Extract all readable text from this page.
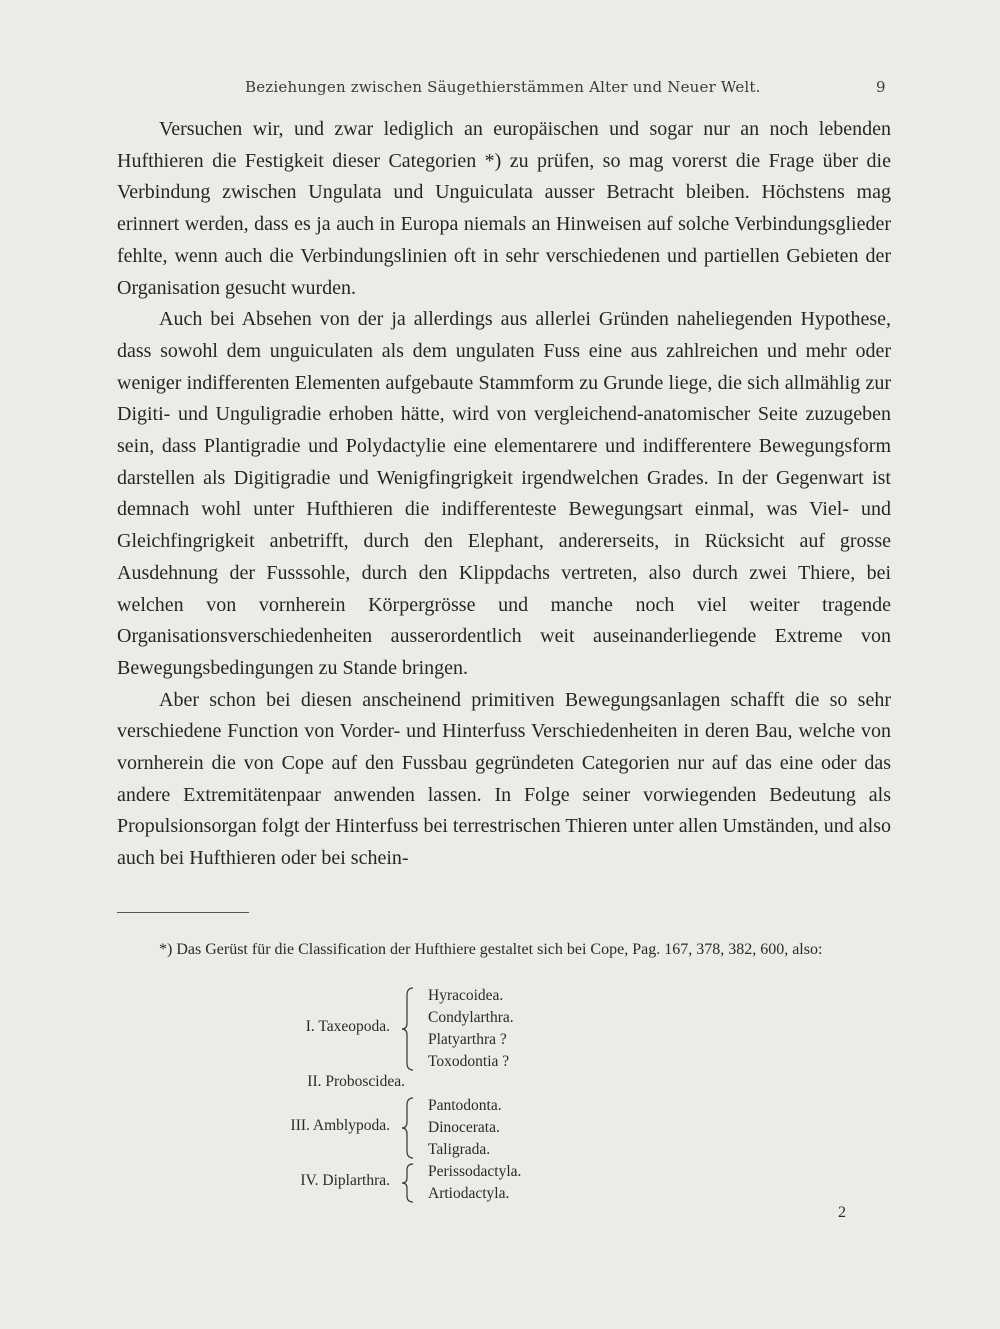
Beziehungen zwischen Säugethierstämmen Alter und Neuer Welt.	9

Versuchen wir, und zwar lediglich an europäischen und sogar nur an noch lebenden Hufthieren die Festigkeit dieser Categorien *) zu prüfen, so mag vorerst die Frage über die Verbindung zwischen Ungulata und Unguiculata ausser Betracht bleiben. Höchstens mag erinnert werden, dass es ja auch in Europa niemals an Hinweisen auf solche Verbindungsglieder fehlte, wenn auch die Verbindungslinien oft in sehr verschiedenen und partiellen Gebieten der Organisation gesucht wurden.

Auch bei Absehen von der ja allerdings aus allerlei Gründen naheliegenden Hypothese, dass sowohl dem unguiculaten als dem ungulaten Fuss eine aus zahlreichen und mehr oder weniger indifferenten Elementen aufgebaute Stammform zu Grunde liege, die sich allmählig zur Digiti- und Unguligradie erhoben hätte, wird von vergleichend-anatomischer Seite zuzugeben sein, dass Plantigradie und Polydactylie eine elementarere und indifferentere Bewegungsform darstellen als Digitigradie und Wenigfingrigkeit irgendwelchen Grades. In der Gegenwart ist demnach wohl unter Hufthieren die indifferenteste Bewegungsart einmal, was Viel- und Gleichfingrigkeit anbetrifft, durch den Elephant, andererseits, in Rücksicht auf grosse Ausdehnung der Fusssohle, durch den Klippdachs vertreten, also durch zwei Thiere, bei welchen von vornherein Körpergrösse und manche noch viel weiter tragende Organisationsverschiedenheiten ausserordentlich weit auseinanderliegende Extreme von Bewegungsbedingungen zu Stande bringen.

Aber schon bei diesen anscheinend primitiven Bewegungsanlagen schafft die so sehr verschiedene Function von Vorder- und Hinterfuss Verschiedenheiten in deren Bau, welche von vornherein die von Cope auf den Fussbau gegründeten Categorien nur auf das eine oder das andere Extremitätenpaar anwenden lassen. In Folge seiner vorwiegenden Bedeutung als Propulsionsorgan folgt der Hinterfuss bei terrestrischen Thieren unter allen Umständen, und also auch bei Hufthieren oder bei schein-

*) Das Gerüst für die Classification der Hufthiere gestaltet sich bei Cope, Pag. 167, 378, 382, 600, also:

I. Taxeopoda.
Hyracoidea.
Condylarthra.
Platyarthra ?
Toxodontia ?
II. Proboscidea.
III. Amblypoda.
Pantodonta.
Dinocerata.
Taligrada.
IV. Diplarthra.
Perissodactyla.
Artiodactyla.
2
